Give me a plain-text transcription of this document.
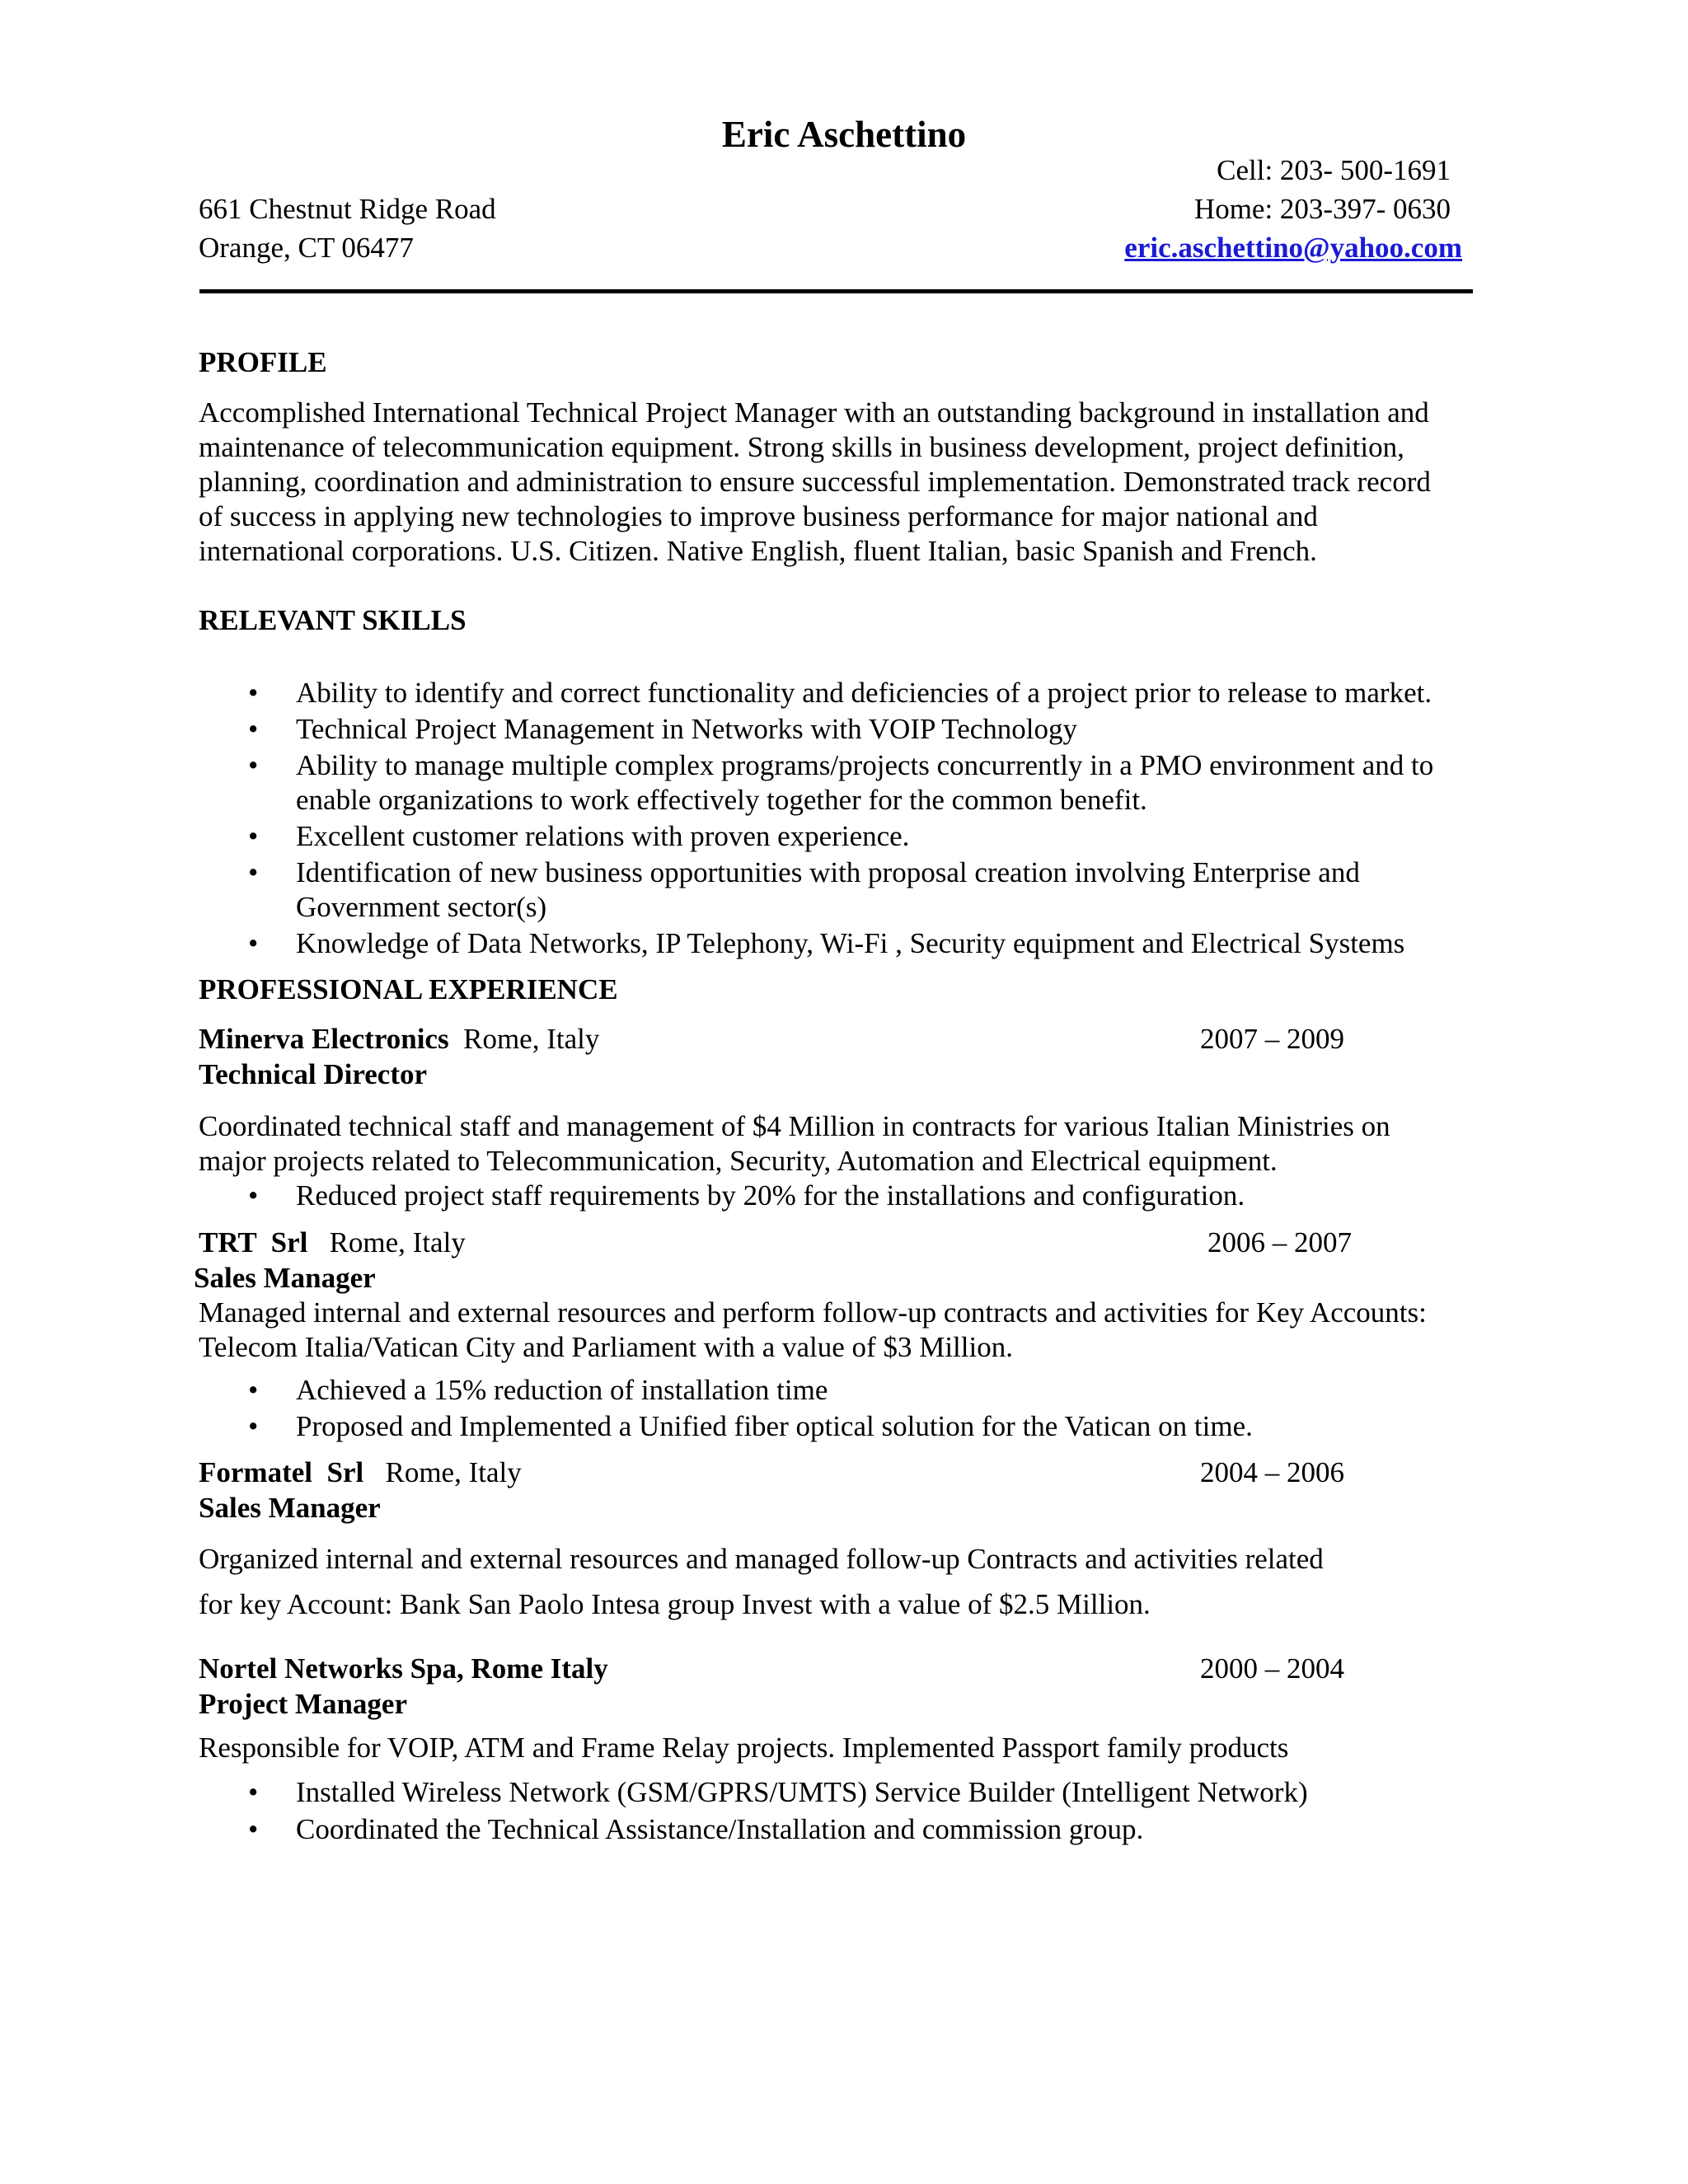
Eric Aschettino
Cell: 203- 500-1691
661 Chestnut Ridge Road	Home: 203-397- 0630
Orange, CT 06477	eric.aschettino@yahoo.com
PROFILE
Accomplished International Technical Project Manager with an outstanding background in installation and
maintenance of telecommunication equipment. Strong skills in business development, project definition,
planning, coordination and administration to ensure successful implementation. Demonstrated track record
of success in applying new technologies to improve business performance for major national and
international corporations. U.S. Citizen. Native English, fluent Italian, basic Spanish and French.
RELEVANT SKILLS
• Ability to identify and correct functionality and deficiencies of a project prior to release to market.
• Technical Project Management in Networks with VOIP Technology
• Ability to manage multiple complex programs/projects concurrently in a PMO environment and to
enable organizations to work effectively together for the common benefit.
• Excellent customer relations with proven experience.
• Identification of new business opportunities with proposal creation involving Enterprise and
Government sector(s)
• Knowledge of Data Networks, IP Telephony, Wi-Fi , Security equipment and Electrical Systems
PROFESSIONAL EXPERIENCE
Minerva Electronics  Rome, Italy	2007 – 2009
Technical Director
Coordinated technical staff and management of $4 Million in contracts for various Italian Ministries on
major projects related to Telecommunication, Security, Automation and Electrical equipment.
• Reduced project staff requirements by 20% for the installations and configuration.
TRT  Srl   Rome, Italy	2006 – 2007
Sales Manager
Managed internal and external resources and perform follow-up contracts and activities for Key Accounts:
Telecom Italia/Vatican City and Parliament with a value of $3 Million.
• Achieved a 15% reduction of installation time
• Proposed and Implemented a Unified fiber optical solution for the Vatican on time.
Formatel  Srl   Rome, Italy	2004 – 2006
Sales Manager
Organized internal and external resources and managed follow-up Contracts and activities related
for key Account: Bank San Paolo Intesa group Invest with a value of $2.5 Million.
Nortel Networks Spa, Rome Italy	2000 – 2004
Project Manager
Responsible for VOIP, ATM and Frame Relay projects. Implemented Passport family products
• Installed Wireless Network (GSM/GPRS/UMTS) Service Builder (Intelligent Network)
• Coordinated the Technical Assistance/Installation and commission group.
